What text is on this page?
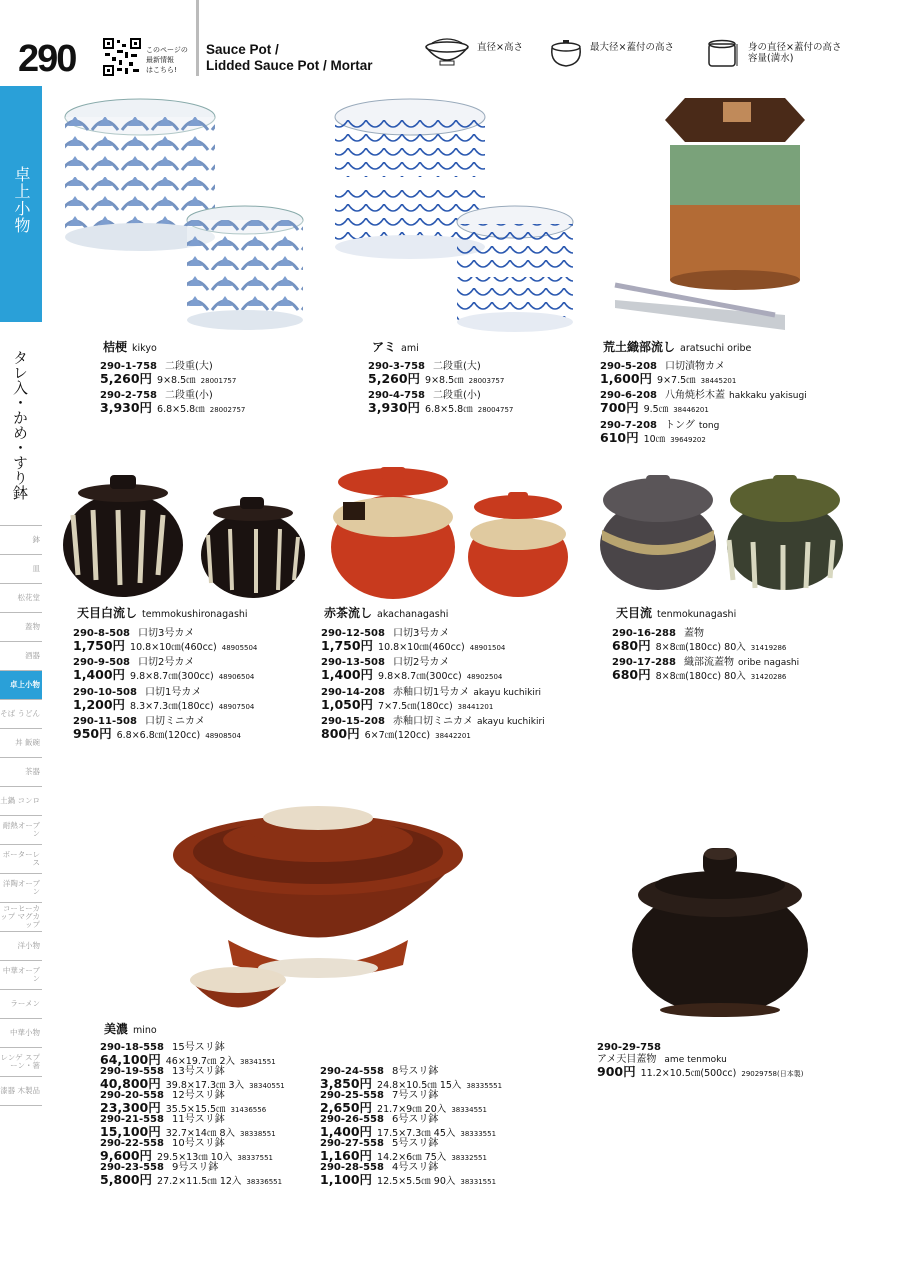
290	このページの
最新情報
はこちら!
Sauce Pot /
Lidded Sauce Pot / Mortar
直径×高さ	最大径×蓋付の高さ	身の直径×蓋付の高さ
容量(満水)
卓上小物
タレ入・かめ・すり鉢
鉢
皿
松花堂
蓋物
酒器
卓上小物
そば うどん
丼 飯碗
茶器
土鍋 コンロ
耐熱オーブン
ボーターレス
洋陶オーブン
コーヒーカップ マグカップ
洋小物
中華オーブン
ラーメン
中華小物
レンゲ スプーン・箸
漆器 木製品
桔梗 kikyo
290-1-758 二段重(大)
5,260円 9×8.5㎝ 28001757
290-2-758 二段重(小)
3,930円 6.8×5.8㎝ 28002757
アミ ami
290-3-758 二段重(大)
5,260円 9×8.5㎝ 28003757
290-4-758 二段重(小)
3,930円 6.8×5.8㎝ 28004757
荒土織部流し aratsuchi oribe
290-5-208 口切漬物カメ
1,600円 9×7.5㎝ 38445201
290-6-208 八角焼杉木蓋 hakkaku yakisugi
700円 9.5㎝ 38446201
290-7-208 トング tong
610円 10㎝ 39649202
天目白流し temmokushironagashi
290-8-508 口切3号カメ
1,750円 10.8×10㎝(460cc) 48905504
290-9-508 口切2号カメ
1,400円 9.8×8.7㎝(300cc) 48906504
290-10-508 口切1号カメ
1,200円 8.3×7.3㎝(180cc) 48907504
290-11-508 口切ミニカメ
950円 6.8×6.8㎝(120cc) 48908504
赤茶流し akachanagashi
290-12-508 口切3号カメ
1,750円 10.8×10㎝(460cc) 48901504
290-13-508 口切2号カメ
1,400円 9.8×8.7㎝(300cc) 48902504
290-14-208 赤釉口切1号カメ akayu kuchikiri
1,050円 7×7.5㎝(180cc) 38441201
290-15-208 赤釉口切ミニカメ akayu kuchikiri
800円 6×7㎝(120cc) 38442201
天目流 tenmokunagashi
290-16-288 蓋物
680円 8×8㎝(180cc) 80入 31419286
290-17-288 織部流蓋物 oribe nagashi
680円 8×8㎝(180cc) 80入 31420286
美濃 mino
290-18-558 15号スリ鉢
64,100円 46×19.7㎝ 2入 38341551
290-19-558 13号スリ鉢
40,800円 39.8×17.3㎝ 3入 38340551
290-20-558 12号スリ鉢
23,300円 35.5×15.5㎝ 31436556
290-21-558 11号スリ鉢
15,100円 32.7×14㎝ 8入 38338551
290-22-558 10号スリ鉢
9,600円 29.5×13㎝ 10入 38337551
290-23-558 9号スリ鉢
5,800円 27.2×11.5㎝ 12入 38336551
290-24-558 8号スリ鉢
3,850円 24.8×10.5㎝ 15入 38335551
290-25-558 7号スリ鉢
2,650円 21.7×9㎝ 20入 38334551
290-26-558 6号スリ鉢
1,400円 17.5×7.3㎝ 45入 38333551
290-27-558 5号スリ鉢
1,160円 14.2×6㎝ 75入 38332551
290-28-558 4号スリ鉢
1,100円 12.5×5.5㎝ 90入 38331551
290-29-758
アメ天目蓋物 ame tenmoku
900円 11.2×10.5㎝(500cc) 29029758(日本製)
